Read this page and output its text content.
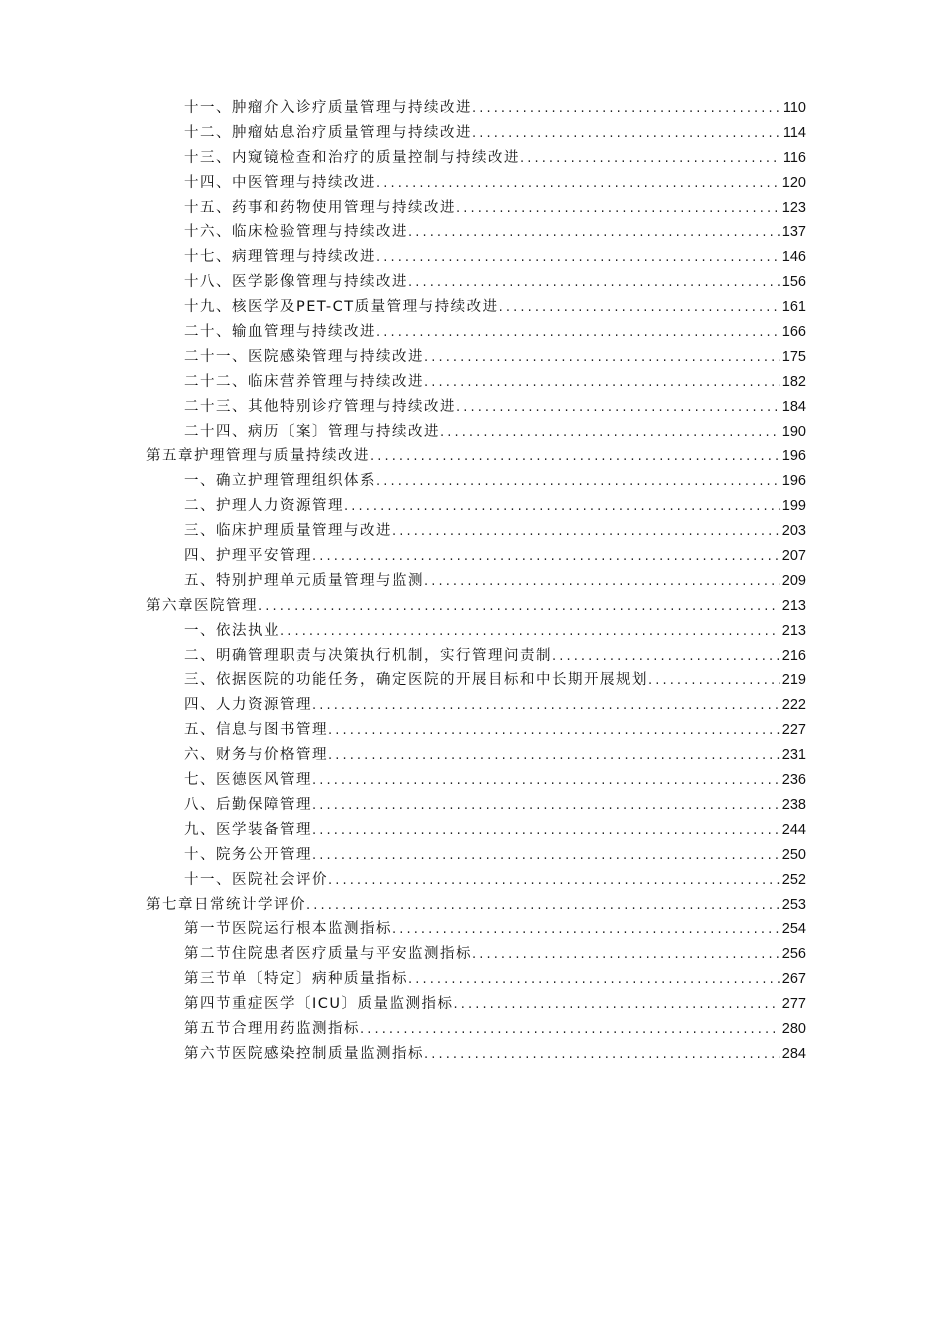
十一、肿瘤介入诊疗质量管理与持续改进 .....	110
十二、肿瘤姑息治疗质量管理与持续改进 .....	114
十三、内窥镜检查和治疗的质量控制与持续改进 .....	116
十四、中医管理与持续改进 .....	120
十五、药事和药物使用管理与持续改进 .....	123
十六、临床检验管理与持续改进 .....	137
十七、病理管理与持续改进 .....	146
十八、医学影像管理与持续改进 .....	156
十九、核医学及PET-CT质量管理与持续改进 .....	161
二十、输血管理与持续改进 .....	166
二十一、医院感染管理与持续改进 .....	175
二十二、临床营养管理与持续改进 .....	182
二十三、其他特别诊疗管理与持续改进 .....	184
二十四、病历〔案〕管理与持续改进 .....	190
第五章护理管理与质量持续改进 .....	196
一、确立护理管理组织体系 .....	196
二、护理人力资源管理 .....	199
三、临床护理质量管理与改进 .....	203
四、护理平安管理 .....	207
五、特别护理单元质量管理与监测 .....	209
第六章医院管理 .....	213
一、依法执业 .....	213
二、明确管理职责与决策执行机制，实行管理问责制 .....	216
三、依据医院的功能任务，确定医院的开展目标和中长期开展规划 .....	219
四、人力资源管理 .....	222
五、信息与图书管理 .....	227
六、财务与价格管理 .....	231
七、医德医风管理 .....	236
八、后勤保障管理 .....	238
九、医学装备管理 .....	244
十、院务公开管理 .....	250
十一、医院社会评价 .....	252
第七章日常统计学评价 .....	253
第一节医院运行根本监测指标 .....	254
第二节住院患者医疗质量与平安监测指标 .....	256
第三节单〔特定〕病种质量指标 .....	267
第四节重症医学〔ICU〕质量监测指标 .....	277
第五节合理用药监测指标 .....	280
第六节医院感染控制质量监测指标 .....	284
